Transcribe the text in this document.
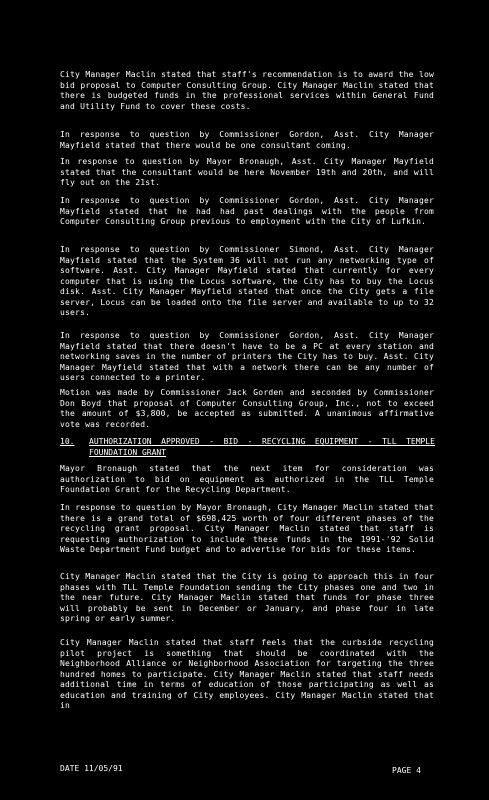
City Manager Maclin stated that staff's recommendation is to award the low bid proposal to Computer Consulting Group. City Manager Maclin stated that there is budgeted funds in the professional services within General Fund and Utility Fund to cover these costs.

In response to question by Commissioner Gordon, Asst. City Manager Mayfield stated that there would be one consultant coming.

In response to question by Mayor Bronaugh, Asst. City Manager Mayfield stated that the consultant would be here November 19th and 20th, and will fly out on the 21st.

In response to question by Commissioner Gordon, Asst. City Manager Mayfield stated that he had had past dealings with the people from Computer Consulting Group previous to employment with the City of Lufkin.

In response to question by Commissioner Simond, Asst. City Manager Mayfield stated that the System 36 will not run any networking type of software. Asst. City Manager Mayfield stated that currently for every computer that is using the Locus software, the City has to buy the Locus disk. Asst. City Manager Mayfield stated that once the City gets a file server, Locus can be loaded onto the file server and available to up to 32 users.

In response to question by Commissioner Gordon, Asst. City Manager Mayfield stated that there doesn't have to be a PC at every station and networking saves in the number of printers the City has to buy. Asst. City Manager Mayfield stated that with a network there can be any number of users connected to a printer.

Motion was made by Commissioner Jack Gorden and seconded by Commissioner Don Boyd that proposal of Computer Consulting Group, Inc., not to exceed the amount of $3,800, be accepted as submitted. A unanimous affirmative vote was recorded.

10. AUTHORIZATION APPROVED - BID - RECYCLING EQUIPMENT - TLL TEMPLE FOUNDATION GRANT

Mayor Bronaugh stated that the next item for consideration was authorization to bid on equipment as authorized in the TLL Temple Foundation Grant for the Recycling Department.

In response to question by Mayor Bronaugh, City Manager Maclin stated that there is a grand total of $698,425 worth of four different phases of the recycling grant proposal. City Manager Maclin stated that staff is requesting authorization to include these funds in the 1991-'92 Solid Waste Department Fund budget and to advertise for bids for these items.

City Manager Maclin stated that the City is going to approach this in four phases with TLL Temple Foundation sending the City phases one and two in the near future. City Manager Maclin stated that funds for phase three will probably be sent in December or January, and phase four in late spring or early summer.

City Manager Maclin stated that staff feels that the curbside recycling pilot project is something that should be coordinated with the Neighborhood Alliance or Neighborhood Association for targeting the three hundred homes to participate. City Manager Maclin stated that staff needs additional time in terms of education of those participating as well as education and training of City employees. City Manager Maclin stated that in

DATE 11/05/91	PAGE 4
